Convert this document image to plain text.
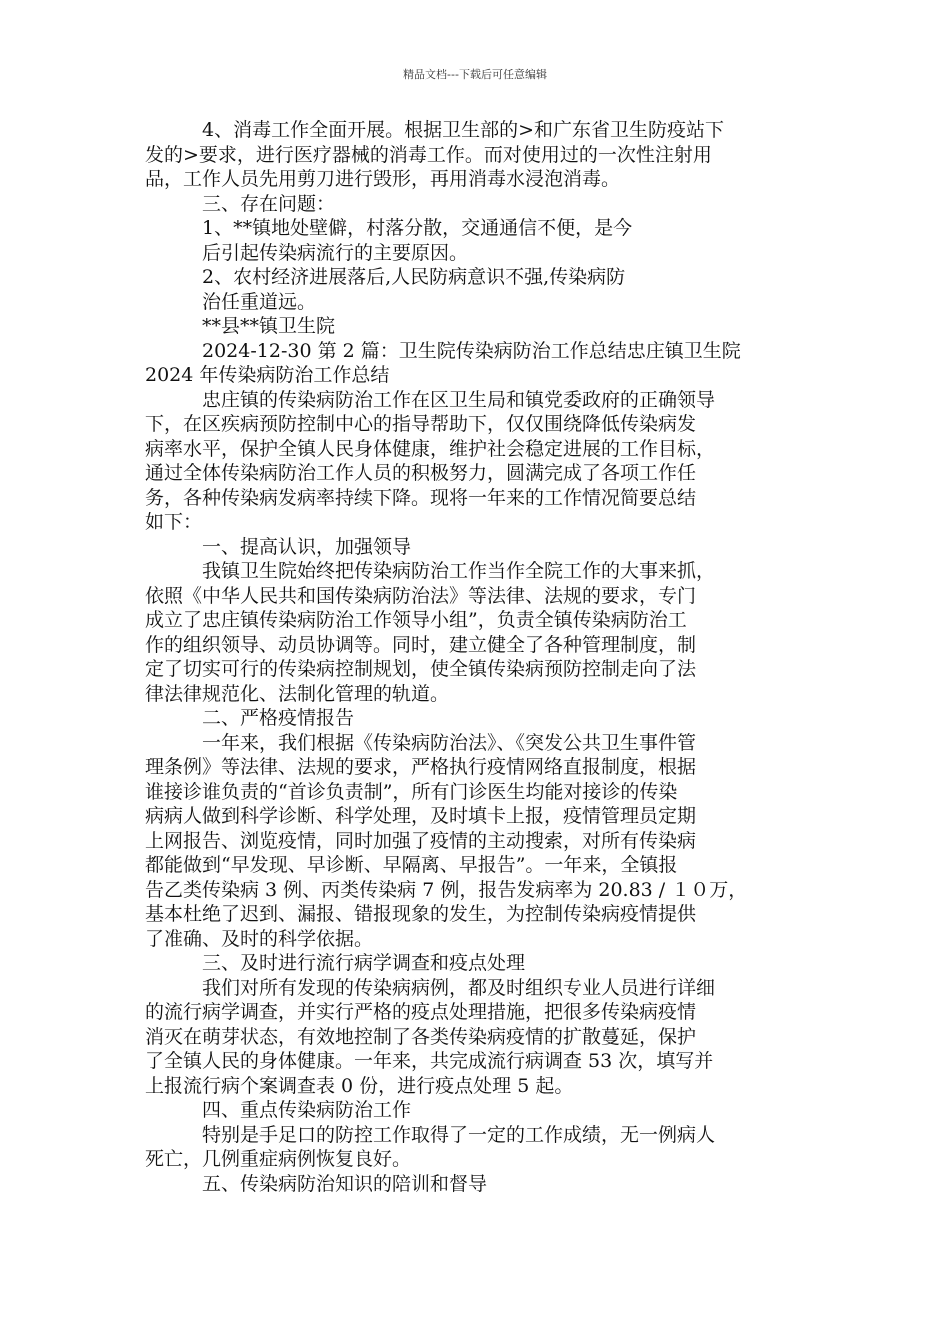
精品文档---下载后可任意编辑
4、消毒工作全面开展。根据卫生部的>和广东省卫生防疫站下
发的>要求，进行医疗器械的消毒工作。而对使用过的一次性注射用
品，工作人员先用剪刀进行毁形，再用消毒水浸泡消毒。
三、存在问题：
1、**镇地处壁僻，村落分散，交通通信不便，是今
后引起传染病流行的主要原因。
2、农村经济进展落后,人民防病意识不强,传染病防
治任重道远。
**县**镇卫生院
2024-12-30 第 2 篇：卫生院传染病防治工作总结忠庄镇卫生院
2024 年传染病防治工作总结
忠庄镇的传染病防治工作在区卫生局和镇党委政府的正确领导
下，在区疾病预防控制中心的指导帮助下，仅仅围绕降低传染病发
病率水平，保护全镇人民身体健康，维护社会稳定进展的工作目标，
通过全体传染病防治工作人员的积极努力，圆满完成了各项工作任
务，各种传染病发病率持续下降。现将一年来的工作情况简要总结
如下：
一、提高认识，加强领导
我镇卫生院始终把传染病防治工作当作全院工作的大事来抓，
依照《中华人民共和国传染病防治法》等法律、法规的要求，专门
成立了忠庄镇传染病防治工作领导小组”，负责全镇传染病防治工
作的组织领导、动员协调等。同时，建立健全了各种管理制度，制
定了切实可行的传染病控制规划，使全镇传染病预防控制走向了法
律法律规范化、法制化管理的轨道。
二、严格疫情报告
一年来，我们根据《传染病防治法》、《突发公共卫生事件管
理条例》等法律、法规的要求，严格执行疫情网络直报制度，根据
谁接诊谁负责的“首诊负责制”，所有门诊医生均能对接诊的传染
病病人做到科学诊断、科学处理，及时填卡上报，疫情管理员定期
上网报告、浏览疫情，同时加强了疫情的主动搜索，对所有传染病
都能做到“早发现、早诊断、早隔离、早报告”。一年来，全镇报
告乙类传染病 3 例、丙类传染病 7 例，报告发病率为 20.83 / １０万，
基本杜绝了迟到、漏报、错报现象的发生，为控制传染病疫情提供
了准确、及时的科学依据。
三、及时进行流行病学调查和疫点处理
我们对所有发现的传染病病例，都及时组织专业人员进行详细
的流行病学调查，并实行严格的疫点处理措施，把很多传染病疫情
消灭在萌芽状态，有效地控制了各类传染病疫情的扩散蔓延，保护
了全镇人民的身体健康。一年来，共完成流行病调查 53 次，填写并
上报流行病个案调查表 0 份，进行疫点处理 5 起。
四、重点传染病防治工作
特别是手足口的防控工作取得了一定的工作成绩，无一例病人
死亡，几例重症病例恢复良好。
五、传染病防治知识的陪训和督导
